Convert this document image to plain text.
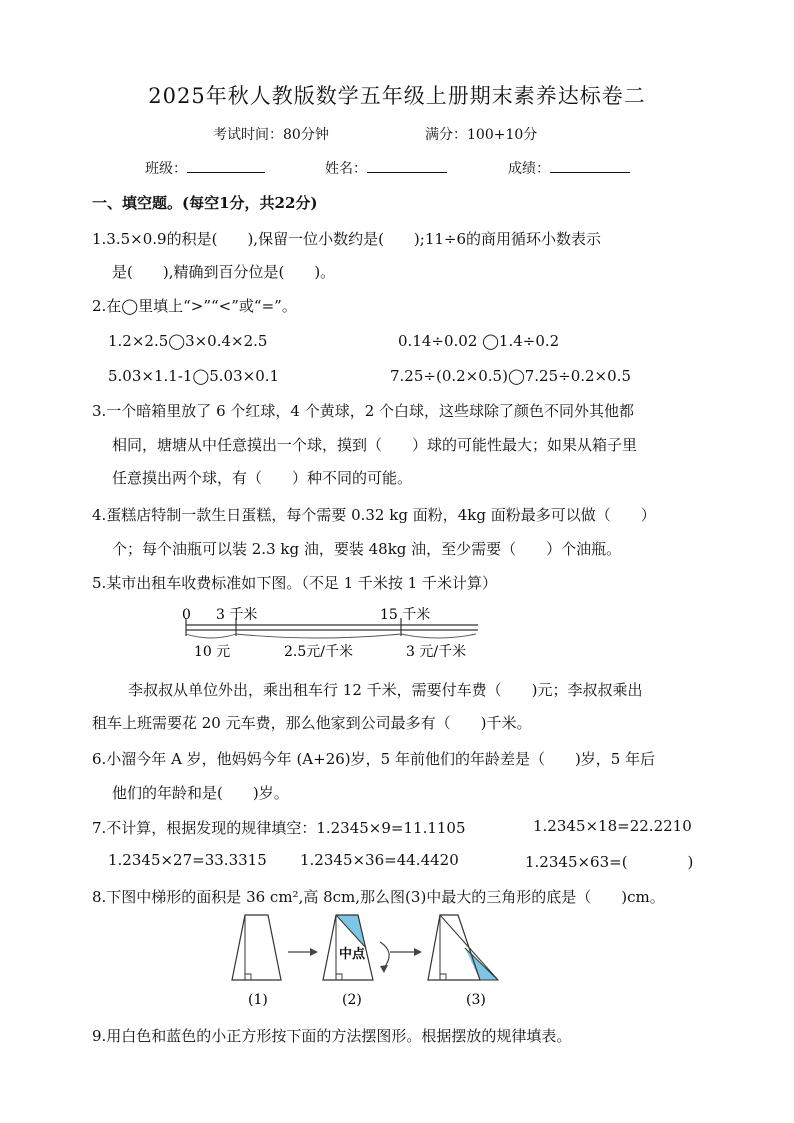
2025年秋人教版数学五年级上册期末素养达标卷二
考试时间：80分钟	满分：100+10分
班级：	姓名：	成绩：
一、填空题。(每空1分，共22分)
1.3.5×0.9的积是(　　),保留一位小数约是(　　);11÷6的商用循环小数表示
是(　　),精确到百分位是(　　)。
2.在◯里填上“>”“<”或“=”。
1.2×2.5◯3×0.4×2.5	0.14÷0.02 ◯1.4÷0.2
5.03×1.1-1◯5.03×0.1	7.25÷(0.2×0.5)◯7.25÷0.2×0.5
3.一个暗箱里放了 6 个红球，4 个黄球，2 个白球，这些球除了颜色不同外其他都
相同，塘塘从中任意摸出一个球，摸到（　　）球的可能性最大；如果从箱子里
任意摸出两个球，有（　　）种不同的可能。
4.蛋糕店特制一款生日蛋糕，每个需要 0.32 kg 面粉，4kg 面粉最多可以做（　　）
个；每个油瓶可以装 2.3 kg 油，要装 48kg 油，至少需要（　　）个油瓶。
5.某市出租车收费标准如下图。（不足 1 千米按 1 千米计算）
0 3 千米	15 千米
10 元	2.5元/千米	3 元/千米
李叔叔从单位外出，乘出租车行 12 千米，需要付车费（　　)元；李叔叔乘出
租车上班需要花 20 元车费，那么他家到公司最多有（　　)千米。
6.小溜今年 A 岁，他妈妈今年 (A+26)岁，5 年前他们的年龄差是（　　)岁，5 年后
他们的年龄和是(　　)岁。
7.不计算，根据发现的规律填空：1.2345×9=11.1105	1.2345×18=22.2210
1.2345×27=33.3315 1.2345×36=44.4420	1.2345×63=(　　　　)
8.下图中梯形的面积是 36 cm²,高 8cm,那么图(3)中最大的三角形的底是（　　)cm。
中点
(1)	(2)	(3)
9.用白色和蓝色的小正方形按下面的方法摆图形。根据摆放的规律填表。
